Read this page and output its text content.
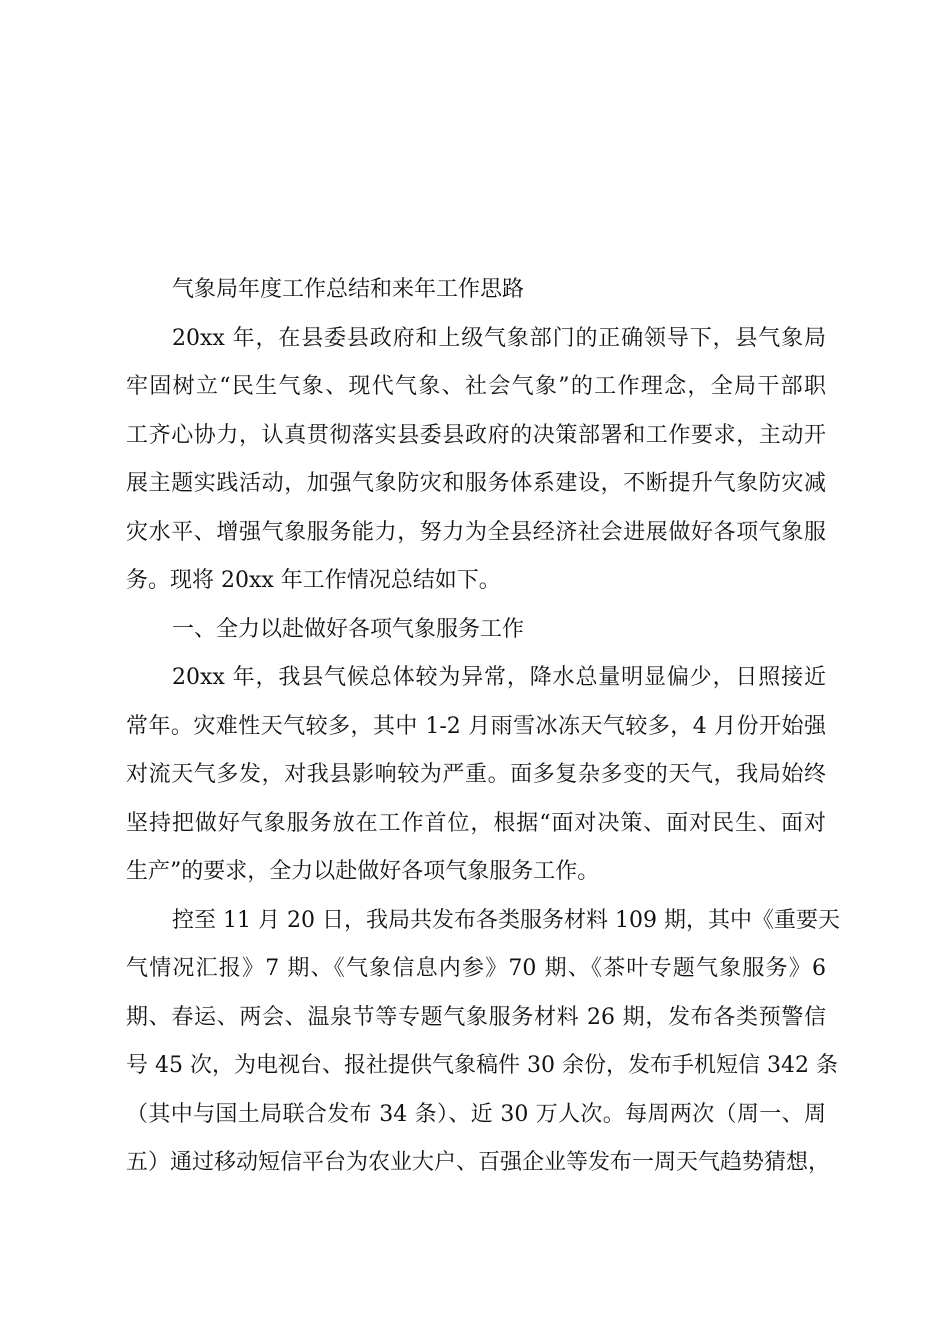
气象局年度工作总结和来年工作思路
20xx 年，在县委县政府和上级气象部门的正确领导下，县气象局
牢固树立“民生气象、现代气象、社会气象”的工作理念，全局干部职
工齐心协力，认真贯彻落实县委县政府的决策部署和工作要求，主动开
展主题实践活动，加强气象防灾和服务体系建设，不断提升气象防灾减
灾水平、增强气象服务能力，努力为全县经济社会进展做好各项气象服
务。现将 20xx 年工作情况总结如下。
一、全力以赴做好各项气象服务工作
20xx 年，我县气候总体较为异常，降水总量明显偏少，日照接近
常年。灾难性天气较多，其中 1-2 月雨雪冰冻天气较多，4 月份开始强
对流天气多发，对我县影响较为严重。面多复杂多变的天气，我局始终
坚持把做好气象服务放在工作首位，根据“面对决策、面对民生、面对
生产”的要求，全力以赴做好各项气象服务工作。
控至 11 月 20 日，我局共发布各类服务材料 109 期，其中《重要天
气情况汇报》7 期、《气象信息内参》70 期、《茶叶专题气象服务》6
期、春运、两会、温泉节等专题气象服务材料 26 期，发布各类预警信
号 45 次，为电视台、报社提供气象稿件 30 余份，发布手机短信 342 条
（其中与国土局联合发布 34 条）、近 30 万人次。每周两次（周一、周
五）通过移动短信平台为农业大户、百强企业等发布一周天气趋势猜想，
